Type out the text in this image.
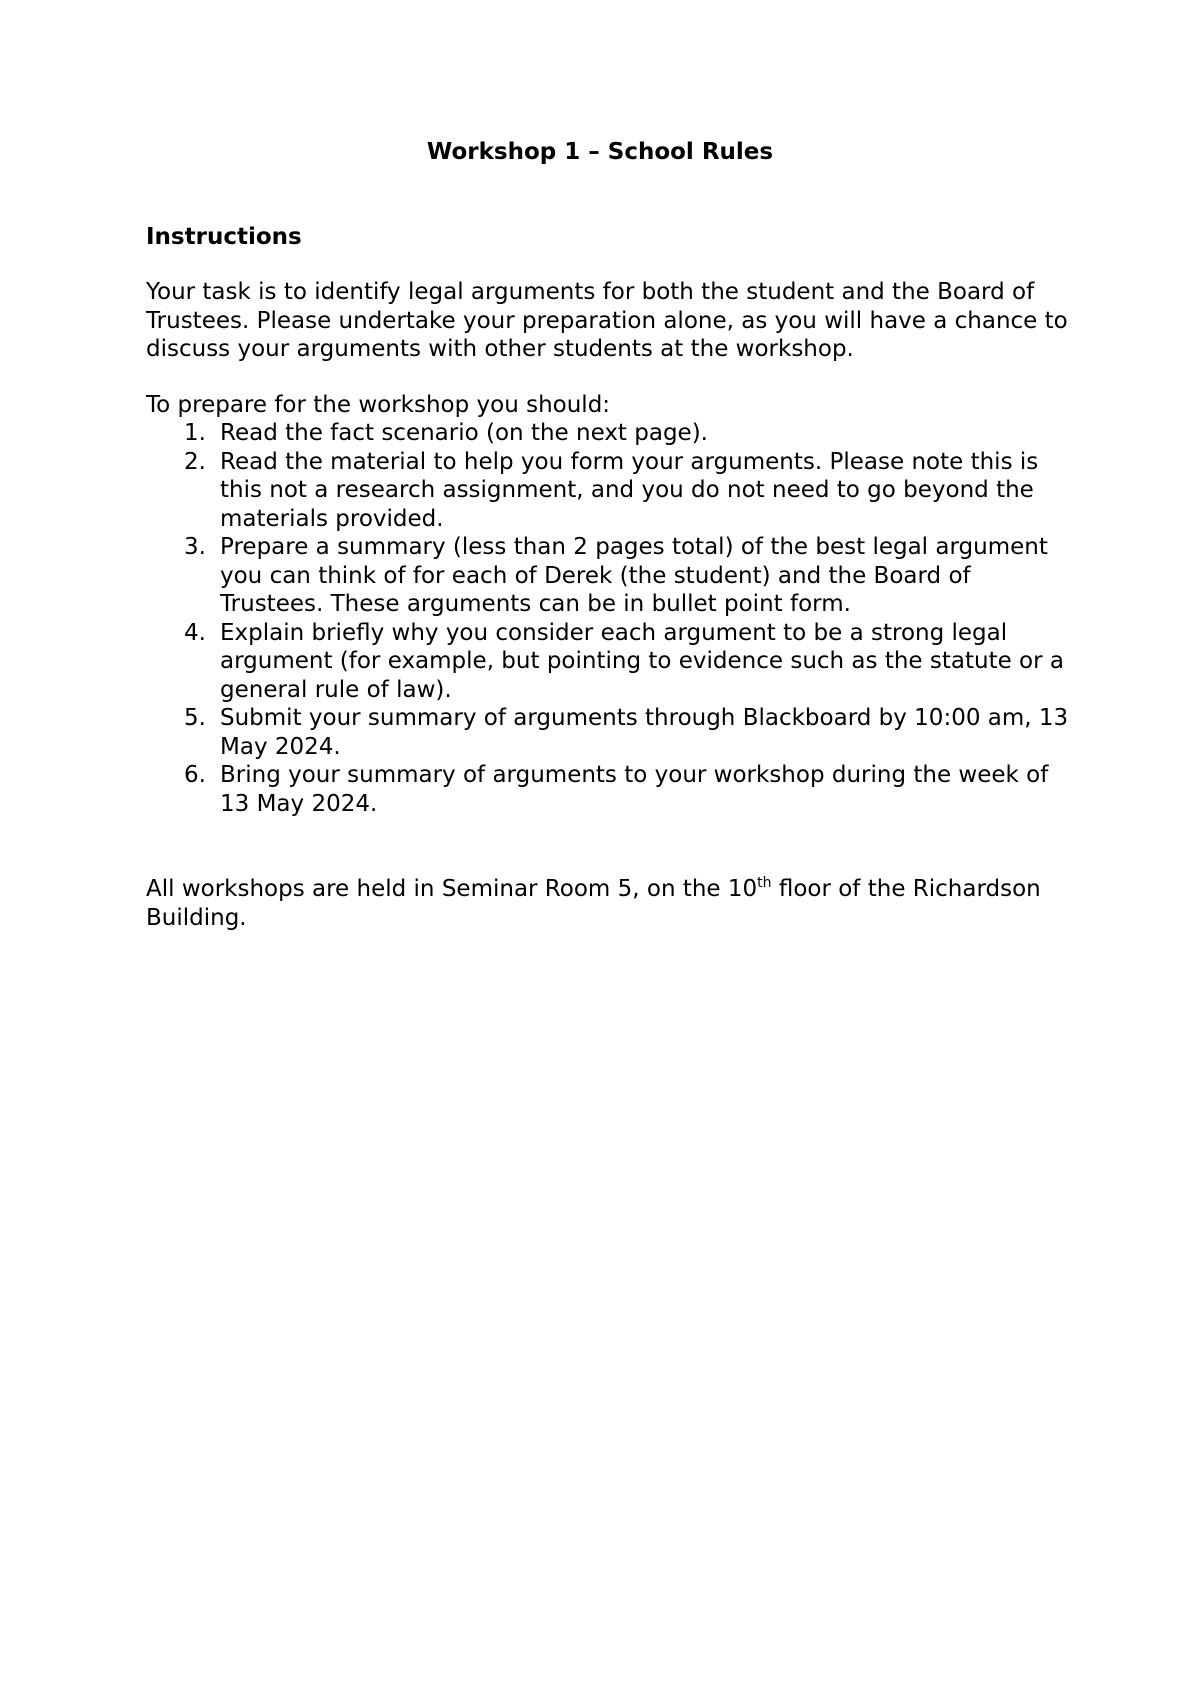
Workshop 1 – School Rules
Instructions
Your task is to identify legal arguments for both the student and the Board of Trustees. Please undertake your preparation alone, as you will have a chance to discuss your arguments with other students at the workshop.
To prepare for the workshop you should:
1. Read the fact scenario (on the next page).
2. Read the material to help you form your arguments. Please note this is this not a research assignment, and you do not need to go beyond the materials provided.
3. Prepare a summary (less than 2 pages total) of the best legal argument you can think of for each of Derek (the student) and the Board of Trustees. These arguments can be in bullet point form.
4. Explain briefly why you consider each argument to be a strong legal argument (for example, but pointing to evidence such as the statute or a general rule of law).
5. Submit your summary of arguments through Blackboard by 10:00 am, 13 May 2024.
6. Bring your summary of arguments to your workshop during the week of 13 May 2024.
All workshops are held in Seminar Room 5, on the 10th floor of the Richardson Building.
